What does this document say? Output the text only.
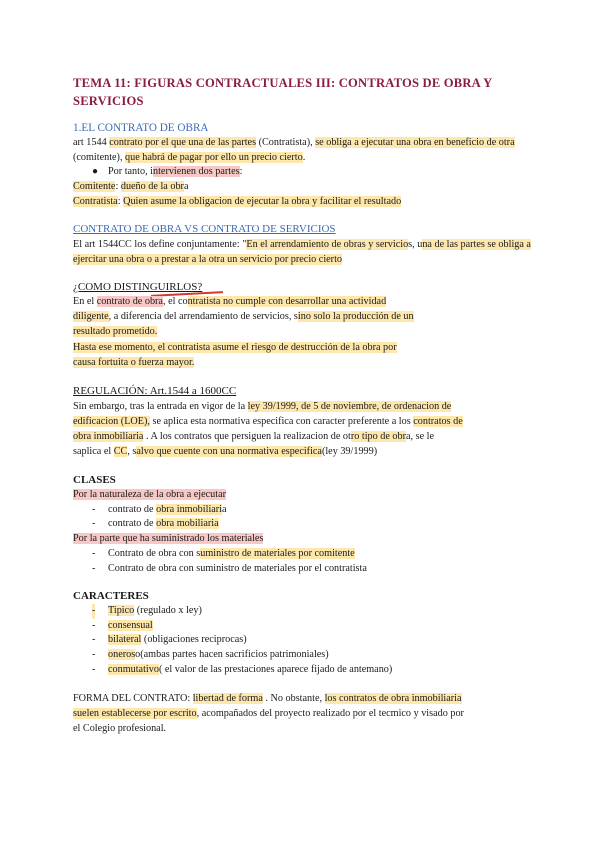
TEMA 11: FIGURAS CONTRACTUALES III: CONTRATOS DE OBRA Y SERVICIOS
1.EL CONTRATO DE OBRA
art 1544 contrato por el que una de las partes (Contratista), se obliga a ejecutar una obra en beneficio de otra (comitente), que habrá de pagar por ello un precio cierto.
● Por tanto, intervienen dos partes:
Comitente: dueño de la obra
Contratista: Quien asume la obligacion de ejecutar la obra y facilitar el resultado
CONTRATO DE OBRA VS CONTRATO DE SERVICIOS
El art 1544CC los define conjuntamente: "En el arrendamiento de obras y servicios, una de las partes se obliga a ejercitar una obra o a prestar a la otra un servicio por precio cierto
¿COMO DISTINGUIRLOS?
En el contrato de obra, el contratista no cumple con desarrollar una actividad
diligente, a diferencia del arrendamiento de servicios, sino solo la producción de un
resultado prometido.
Hasta ese momento, el contratista asume el riesgo de destrucción de la obra por
causa fortuita o fuerza mayor.
REGULACIÓN: Art.1544 a 1600CC
Sin embargo, tras la entrada en vigor de la ley 39/1999, de 5 de noviembre, de ordenacion de
edificacion (LOE), se aplica esta normativa especifica con caracter preferente a los contratos de
obra inmobiliaria . A los contratos que persiguen la realizacion de otro tipo de obra, se le
saplica el CC, salvo que cuente con una normativa especifica(ley 39/1999)
CLASES
Por la naturaleza de la obra a ejecutar
- contrato de obra inmobiliaria
- contrato de obra mobiliaria
Por la parte que ha suministrado los materiales
- Contrato de obra con suministro de materiales por comitente
- Contrato de obra con suministro de materiales por el contratista
CARACTERES
- Tipico (regulado x ley)
- consensual
- bilateral (obligaciones reciprocas)
- oneroso(ambas partes hacen sacrificios patrimoniales)
- conmutativo( el valor de las prestaciones aparece fijado de antemano)
FORMA DEL CONTRATO: libertad de forma . No obstante, los contratos de obra inmobiliaria
suelen establecerse por escrito, acompañados del proyecto realizado por el tecmico y visado por
el Colegio profesional.
